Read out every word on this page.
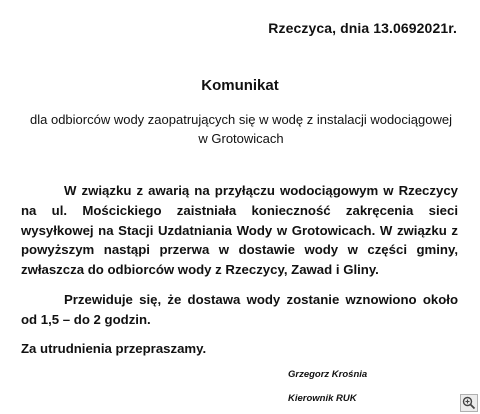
Rzeczyca, dnia 13.0692021r.
Komunikat
dla odbiorców wody zaopatrujących się w wodę z instalacji wodociągowej
w Grotowicach
W związku z awarią na przyłączu wodociągowym w Rzeczycy na ul. Mościckiego zaistniała konieczność zakręcenia sieci wysyłkowej na Stacji Uzdatniania Wody w Grotowicach. W związku z powyższym nastąpi przerwa w dostawie wody w części gminy, zwłaszcza do odbiorców wody z Rzeczycy, Zawad i Gliny.
Przewiduje się, że dostawa wody zostanie wznowiono około od 1,5 – do 2 godzin.
Za utrudnienia przepraszamy.
Grzegorz Krośnia
Kierownik RUK
